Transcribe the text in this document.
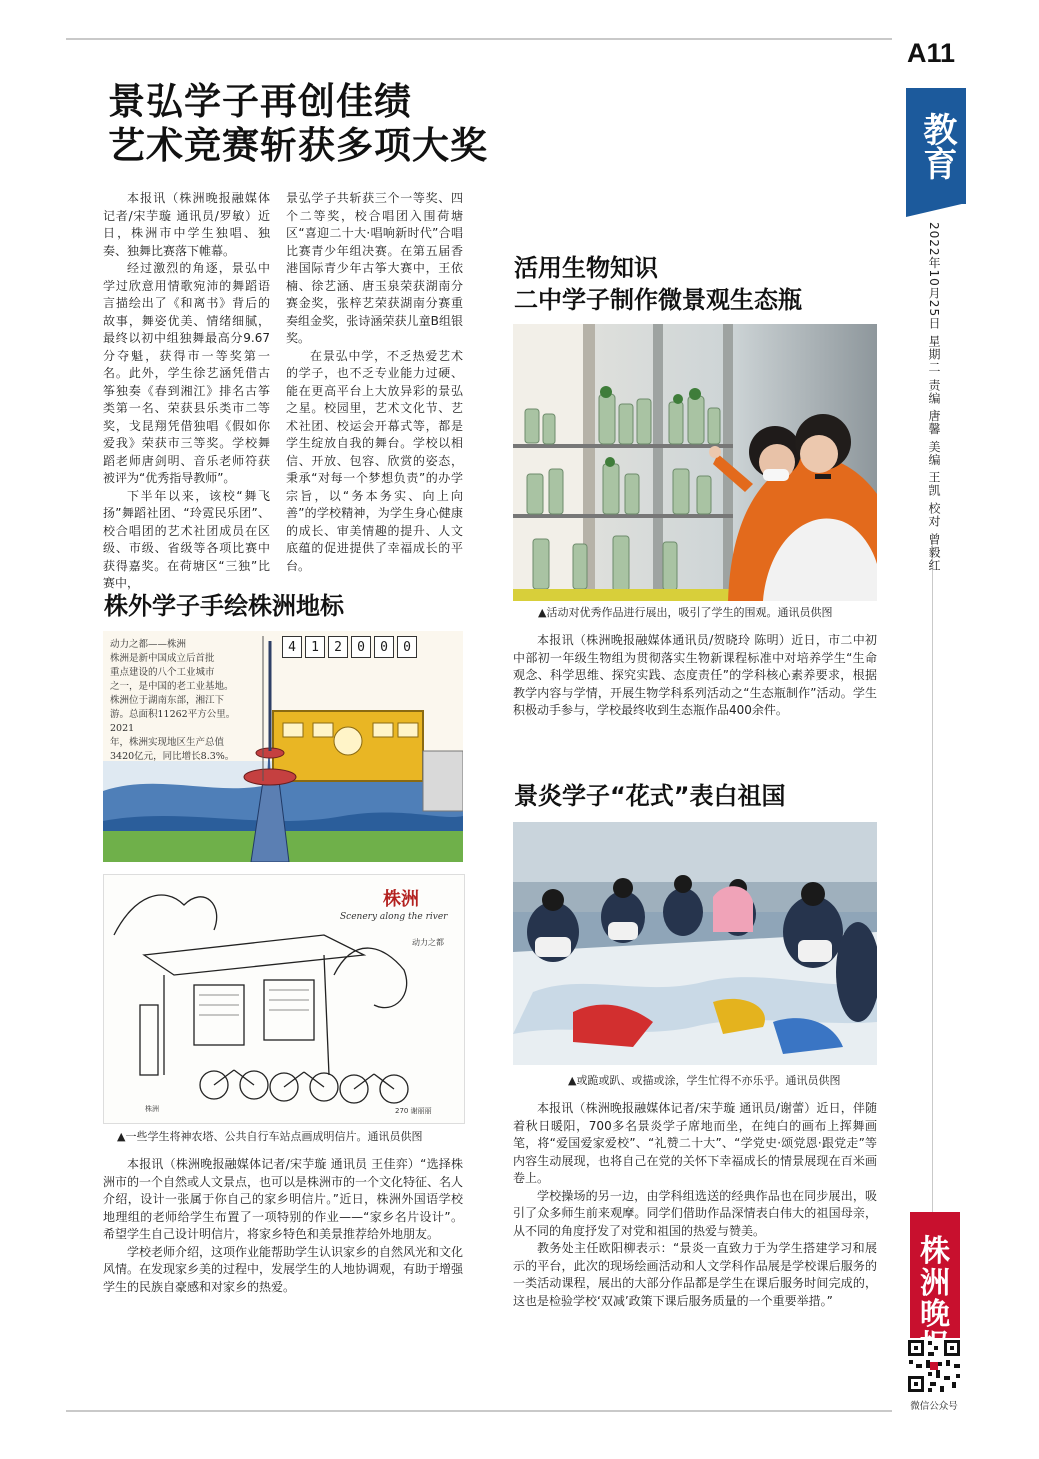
A11
教育
2022年10月25日 星期二 责编 唐馨 美编 王凯 校对 曾毅红
景弘学子再创佳绩
艺术竞赛斩获多项大奖

本报讯（株洲晚报融媒体记者/宋芋璇 通讯员/罗敏）近日，株洲市中学生独唱、独奏、独舞比赛落下帷幕。

经过激烈的角逐，景弘中学过欣意用情歌宛沛的舞蹈语言描绘出了《和离书》背后的故事，舞姿优美、情绪细腻，最终以初中组独舞最高分9.67分夺魁，获得市一等奖第一名。此外，学生徐艺涵凭借古筝独奏《春到湘江》排名古筝类第一名、荣获县乐类市二等奖，戈昆翔凭借独唱《假如你爱我》荣获市三等奖。学校舞蹈老师唐剑明、音乐老师符获被评为“优秀指导教师”。

下半年以来，该校“舞飞扬”舞蹈社团、“玲霓民乐团”、校合唱团的艺术社团成员在区级、市级、省级等各项比赛中获得嘉奖。在荷塘区“三独”比赛中，

景弘学子共斩获三个一等奖、四个二等奖，校合唱团入围荷塘区“喜迎二十大·唱响新时代”合唱比赛青少年组决赛。在第五届香港国际青少年古筝大赛中，王依楠、徐艺涵、唐玉泉荣获湖南分赛金奖，张梓艺荣获湖南分赛重奏组金奖，张诗涵荣获儿童B组银奖。

在景弘中学，不乏热爱艺术的学子，也不乏专业能力过硬、能在更高平台上大放异彩的景弘之星。校园里，艺术文化节、艺术社团、校运会开幕式等，都是学生绽放自我的舞台。学校以相信、开放、包容、欣赏的姿态，秉承“对每一个梦想负责”的办学宗旨，以“务本务实、向上向善”的学校精神，为学生身心健康的成长、审美情趣的提升、人文底蕴的促进提供了幸福成长的平台。

活用生物知识
二中学子制作微景观生态瓶
▲活动对优秀作品进行展出，吸引了学生的围观。通讯员供图

本报讯（株洲晚报融媒体通讯员/贺晓玲 陈明）近日，市二中初中部初一年级生物组为贯彻落实生物新课程标准中对培养学生“生命观念、科学思维、探究实践、态度责任”的学科核心素养要求，根据教学内容与学情，开展生物学科系列活动之“生态瓶制作”活动。学生积极动手参与，学校最终收到生态瓶作品400余件。

株外学子手绘株洲地标
4	1	2	0	0	0
动力之都——株洲
株洲是新中国成立后首批
重点建设的八个工业城市
之一，是中国的老工业基地。
株洲位于湖南东部，湘江下
游。总面积11262平方公里。2021
年，株洲实现地区生产总值
3420亿元，同比增长8.3%。
株洲
Scenery along the river
动力之都
株洲	270 谢丽丽
▲一些学生将神农塔、公共自行车站点画成明信片。通讯员供图

本报讯（株洲晚报融媒体记者/宋芋璇 通讯员 王佳弈）“选择株洲市的一个自然或人文景点，也可以是株洲市的一个文化特征、名人介绍，设计一张属于你自己的家乡明信片。”近日，株洲外国语学校地理组的老师给学生布置了一项特别的作业——“家乡名片设计”。希望学生自己设计明信片，将家乡特色和美景推荐给外地朋友。

学校老师介绍，这项作业能帮助学生认识家乡的自然风光和文化风情。在发现家乡美的过程中，发展学生的人地协调观，有助于增强学生的民族自豪感和对家乡的热爱。

景炎学子“花式”表白祖国
▲或跪或趴、或描或涂，学生忙得不亦乐乎。通讯员供图

本报讯（株洲晚报融媒体记者/宋芋璇 通讯员/谢蕾）近日，伴随着秋日暖阳，700多名景炎学子席地而坐，在纯白的画布上挥舞画笔，将“爱国爱家爱校”、“礼赞二十大”、“学党史·颂党恩·跟党走”等内容生动展现，也将自己在党的关怀下幸福成长的情景展现在百米画卷上。

学校操场的另一边，由学科组选送的经典作品也在同步展出，吸引了众多师生前来观摩。同学们借助作品深情表白伟大的祖国母亲，从不同的角度抒发了对党和祖国的热爱与赞美。

教务处主任欧阳柳表示：“景炎一直致力于为学生搭建学习和展示的平台，此次的现场绘画活动和人文学科作品展是学校课后服务的一类活动课程，展出的大部分作品都是学生在课后服务时间完成的，这也是检验学校‘双减’政策下课后服务质量的一个重要举措。”

株
洲
晚
微信公众号
